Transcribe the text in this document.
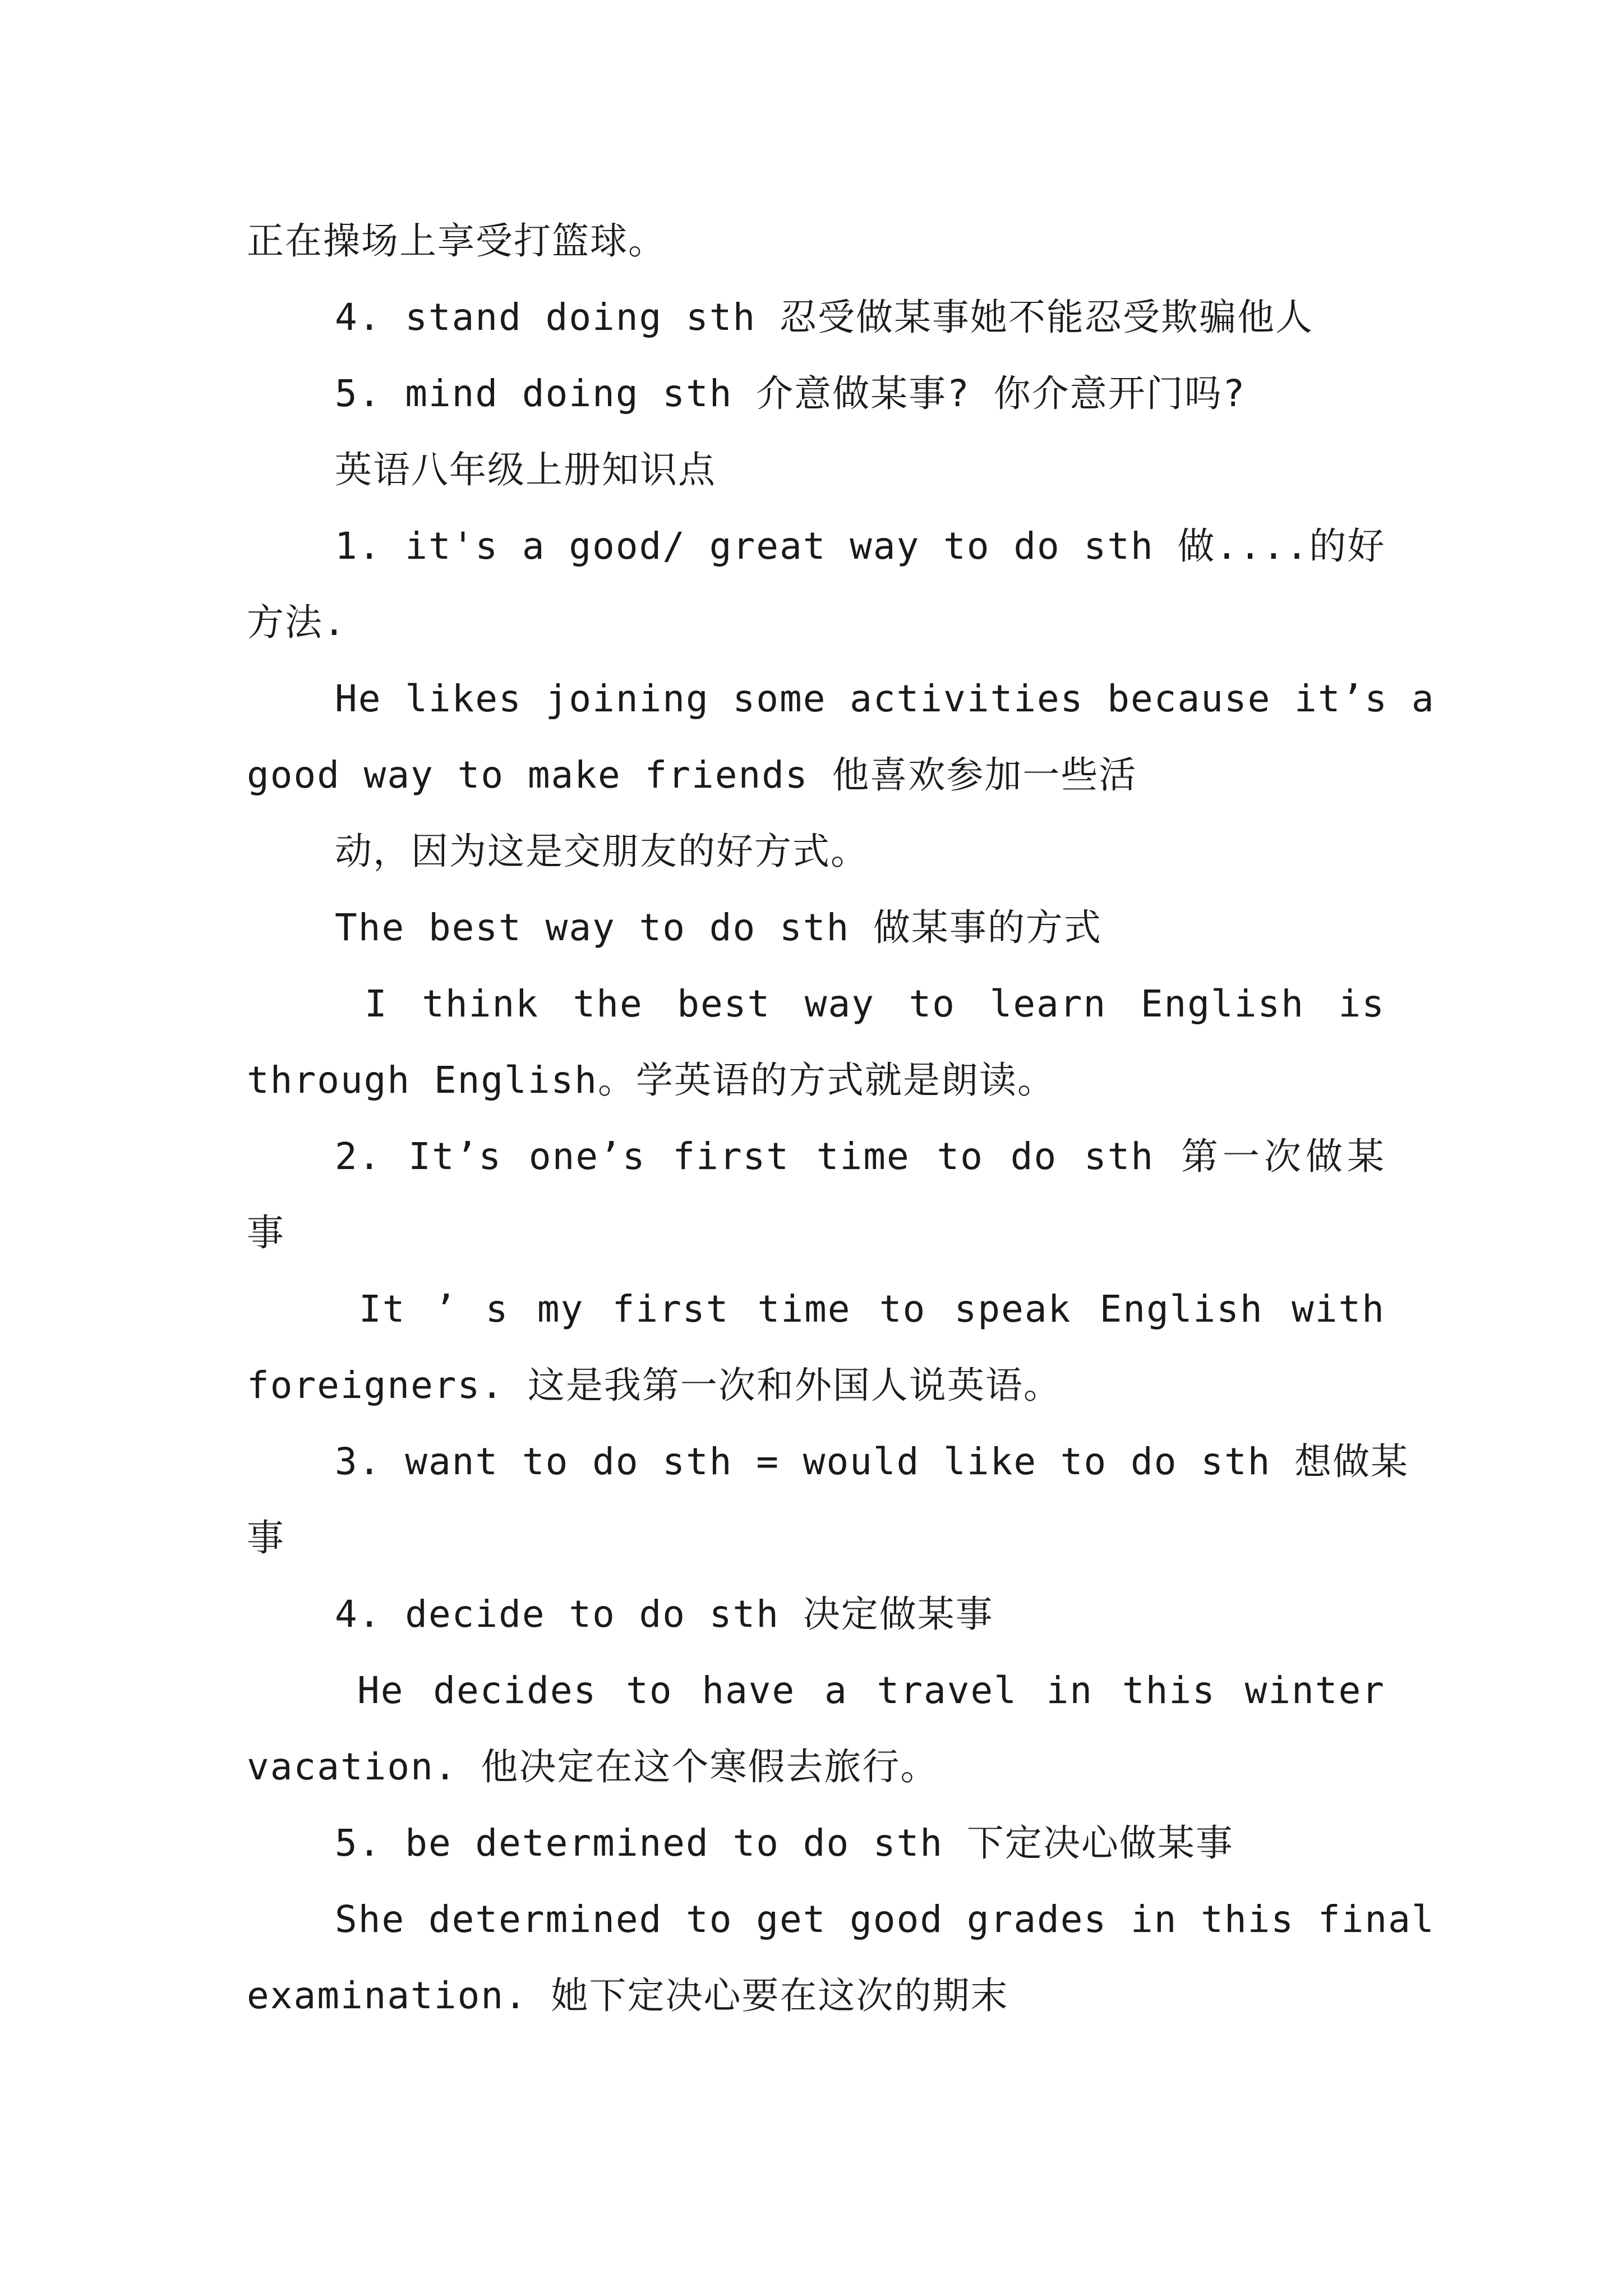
正在操场上享受打篮球。
4. stand doing sth 忍受做某事她不能忍受欺骗他人
5. mind doing sth 介意做某事? 你介意开门吗?
英语八年级上册知识点
1. it's a good/ great way to do sth 做....的好
方法.
He likes joining some activities because it’s a
good way to make friends 他喜欢参加一些活
动，因为这是交朋友的好方式。
The best way to do sth 做某事的方式
I think the best way to learn English is
through English。学英语的方式就是朗读。
2. It’s one’s first time to do sth 第一次做某
事
It ’ s my first time to speak English with
foreigners. 这是我第一次和外国人说英语。
3. want to do sth = would like to do sth 想做某
事
4. decide to do sth 决定做某事
He decides to have a travel in this winter
vacation. 他决定在这个寒假去旅行。
5. be determined to do sth 下定决心做某事
She determined to get good grades in this final
examination. 她下定决心要在这次的期末
